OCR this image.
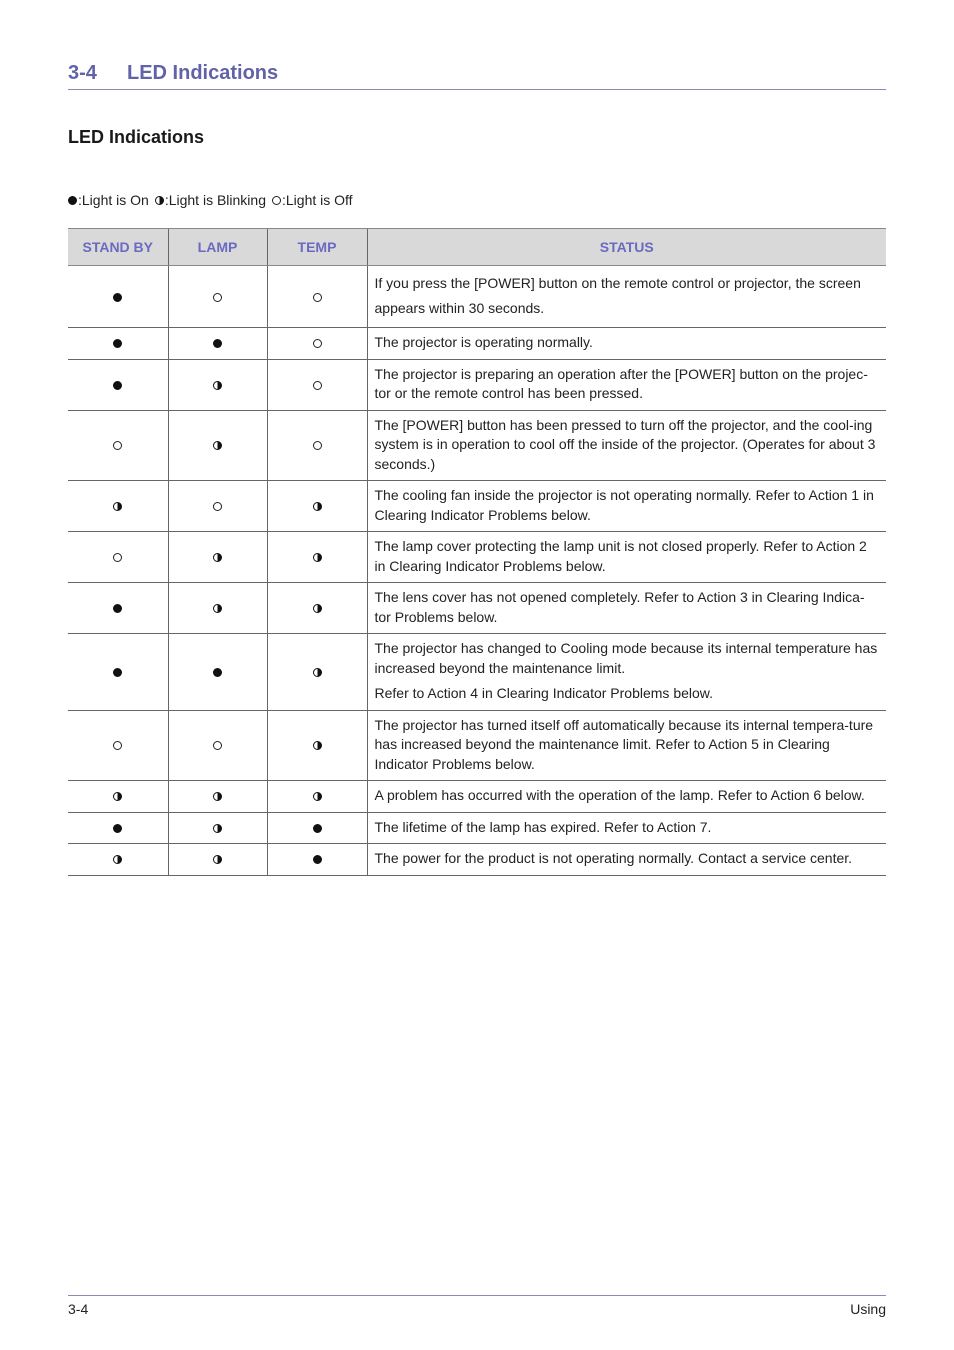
3-4 LED Indications
LED Indications
:Light is On :Light is Blinking :Light is Off
STAND BY	LAMP	TEMP	STATUS

			If you press the [POWER] button on the remote control or projector, the screen appears within 30 seconds.

			The projector is operating normally.

			The projector is preparing an operation after the [POWER] button on the projec-tor or the remote control has been pressed.

			The [POWER] button has been pressed to turn off the projector, and the cool-ing system is in operation to cool off the inside of the projector. (Operates for about 3 seconds.)

			The cooling fan inside the projector is not operating normally. Refer to Action 1 in Clearing Indicator Problems below.

			The lamp cover protecting the lamp unit is not closed properly. Refer to Action 2 in Clearing Indicator Problems below.

			The lens cover has not opened completely. Refer to Action 3 in Clearing Indica-tor Problems below.

			The projector has changed to Cooling mode because its internal temperature has increased beyond the maintenance limit.

Refer to Action 4 in Clearing Indicator Problems below.

			The projector has turned itself off automatically because its internal tempera-ture has increased beyond the maintenance limit. Refer to Action 5 in Clearing Indicator Problems below.

			A problem has occurred with the operation of the lamp. Refer to Action 6 below.

			The lifetime of the lamp has expired. Refer to Action 7.

			The power for the product is not operating normally. Contact a service center.

3-4	Using
